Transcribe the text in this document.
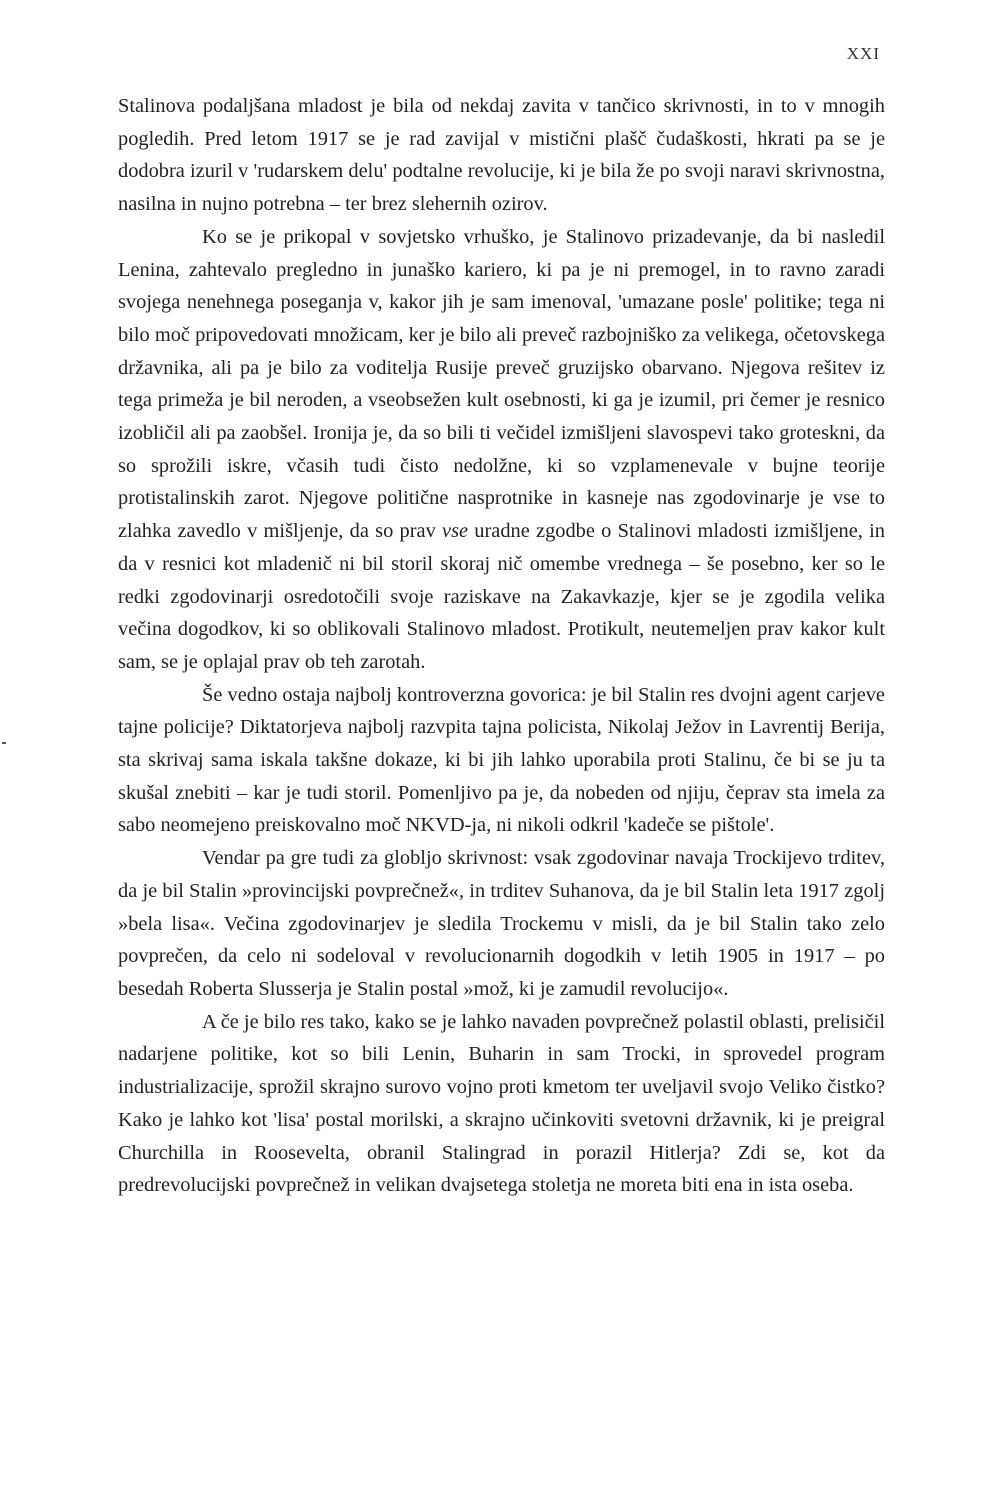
XXI

Stalinova podaljšana mladost je bila od nekdaj zavita v tančico skrivnosti, in to v mnogih pogledih. Pred letom 1917 se je rad zavijal v mistični plašč čudaškosti, hkrati pa se je dodobra izuril v 'rudarskem delu' podtalne revolucije, ki je bila že po svoji naravi skrivnostna, nasilna in nujno potrebna – ter brez slehernih ozirov.

Ko se je prikopal v sovjetsko vrhuško, je Stalinovo prizadevanje, da bi nasledil Lenina, zahtevalo pregledno in junaško kariero, ki pa je ni premogel, in to ravno zaradi svojega nenehnega poseganja v, kakor jih je sam imenoval, 'umazane posle' politike; tega ni bilo moč pripovedovati množicam, ker je bilo ali preveč razbojniško za velikega, očetovskega državnika, ali pa je bilo za voditelja Rusije preveč gruzijsko obarvano. Njegova rešitev iz tega primeža je bil neroden, a vseobsežen kult osebnosti, ki ga je izumil, pri čemer je resnico izobličil ali pa zaobšel. Ironija je, da so bili ti večidel izmišljeni slavospevi tako groteskni, da so sprožili iskre, včasih tudi čisto nedolžne, ki so vzplamenevale v bujne teorije protistalinskih zarot. Njegove politične nasprotnike in kasneje nas zgodovinarje je vse to zlahka zavedlo v mišljenje, da so prav vse uradne zgodbe o Stalinovi mladosti izmišljene, in da v resnici kot mladenič ni bil storil skoraj nič omembe vrednega – še posebno, ker so le redki zgodovinarji osredotočili svoje raziskave na Zakavkazje, kjer se je zgodila velika večina dogodkov, ki so oblikovali Stalinovo mladost. Protikult, neutemeljen prav kakor kult sam, se je oplajal prav ob teh zarotah.

Še vedno ostaja najbolj kontroverzna govorica: je bil Stalin res dvojni agent carjeve tajne policije? Diktatorjeva najbolj razvpita tajna policista, Nikolaj Ježov in Lavrentij Berija, sta skrivaj sama iskala takšne dokaze, ki bi jih lahko uporabila proti Stalinu, če bi se ju ta skušal znebiti – kar je tudi storil. Pomenljivo pa je, da nobeden od njiju, čeprav sta imela za sabo neomejeno preiskovalno moč NKVD-ja, ni nikoli odkril 'kadeče se pištole'.

Vendar pa gre tudi za globljo skrivnost: vsak zgodovinar navaja Trockijevo trditev, da je bil Stalin »provincijski povprečnež«, in trditev Suhanova, da je bil Stalin leta 1917 zgolj »bela lisa«. Večina zgodovinarjev je sledila Trockemu v misli, da je bil Stalin tako zelo povprečen, da celo ni sodeloval v revolucionarnih dogodkih v letih 1905 in 1917 – po besedah Roberta Slusserja je Stalin postal »mož, ki je zamudil revolucijo«.

A če je bilo res tako, kako se je lahko navaden povprečnež polastil oblasti, prelisičil nadarjene politike, kot so bili Lenin, Buharin in sam Trocki, in sprovedel program industrializacije, sprožil skrajno surovo vojno proti kmetom ter uveljavil svojo Veliko čistko? Kako je lahko kot 'lisa' postal morilski, a skrajno učinkoviti svetovni državnik, ki je preigral Churchilla in Roosevelta, obranil Stalingrad in porazil Hitlerja? Zdi se, kot da predrevolucijski povprečnež in velikan dvajsetega stoletja ne moreta biti ena in ista oseba.
